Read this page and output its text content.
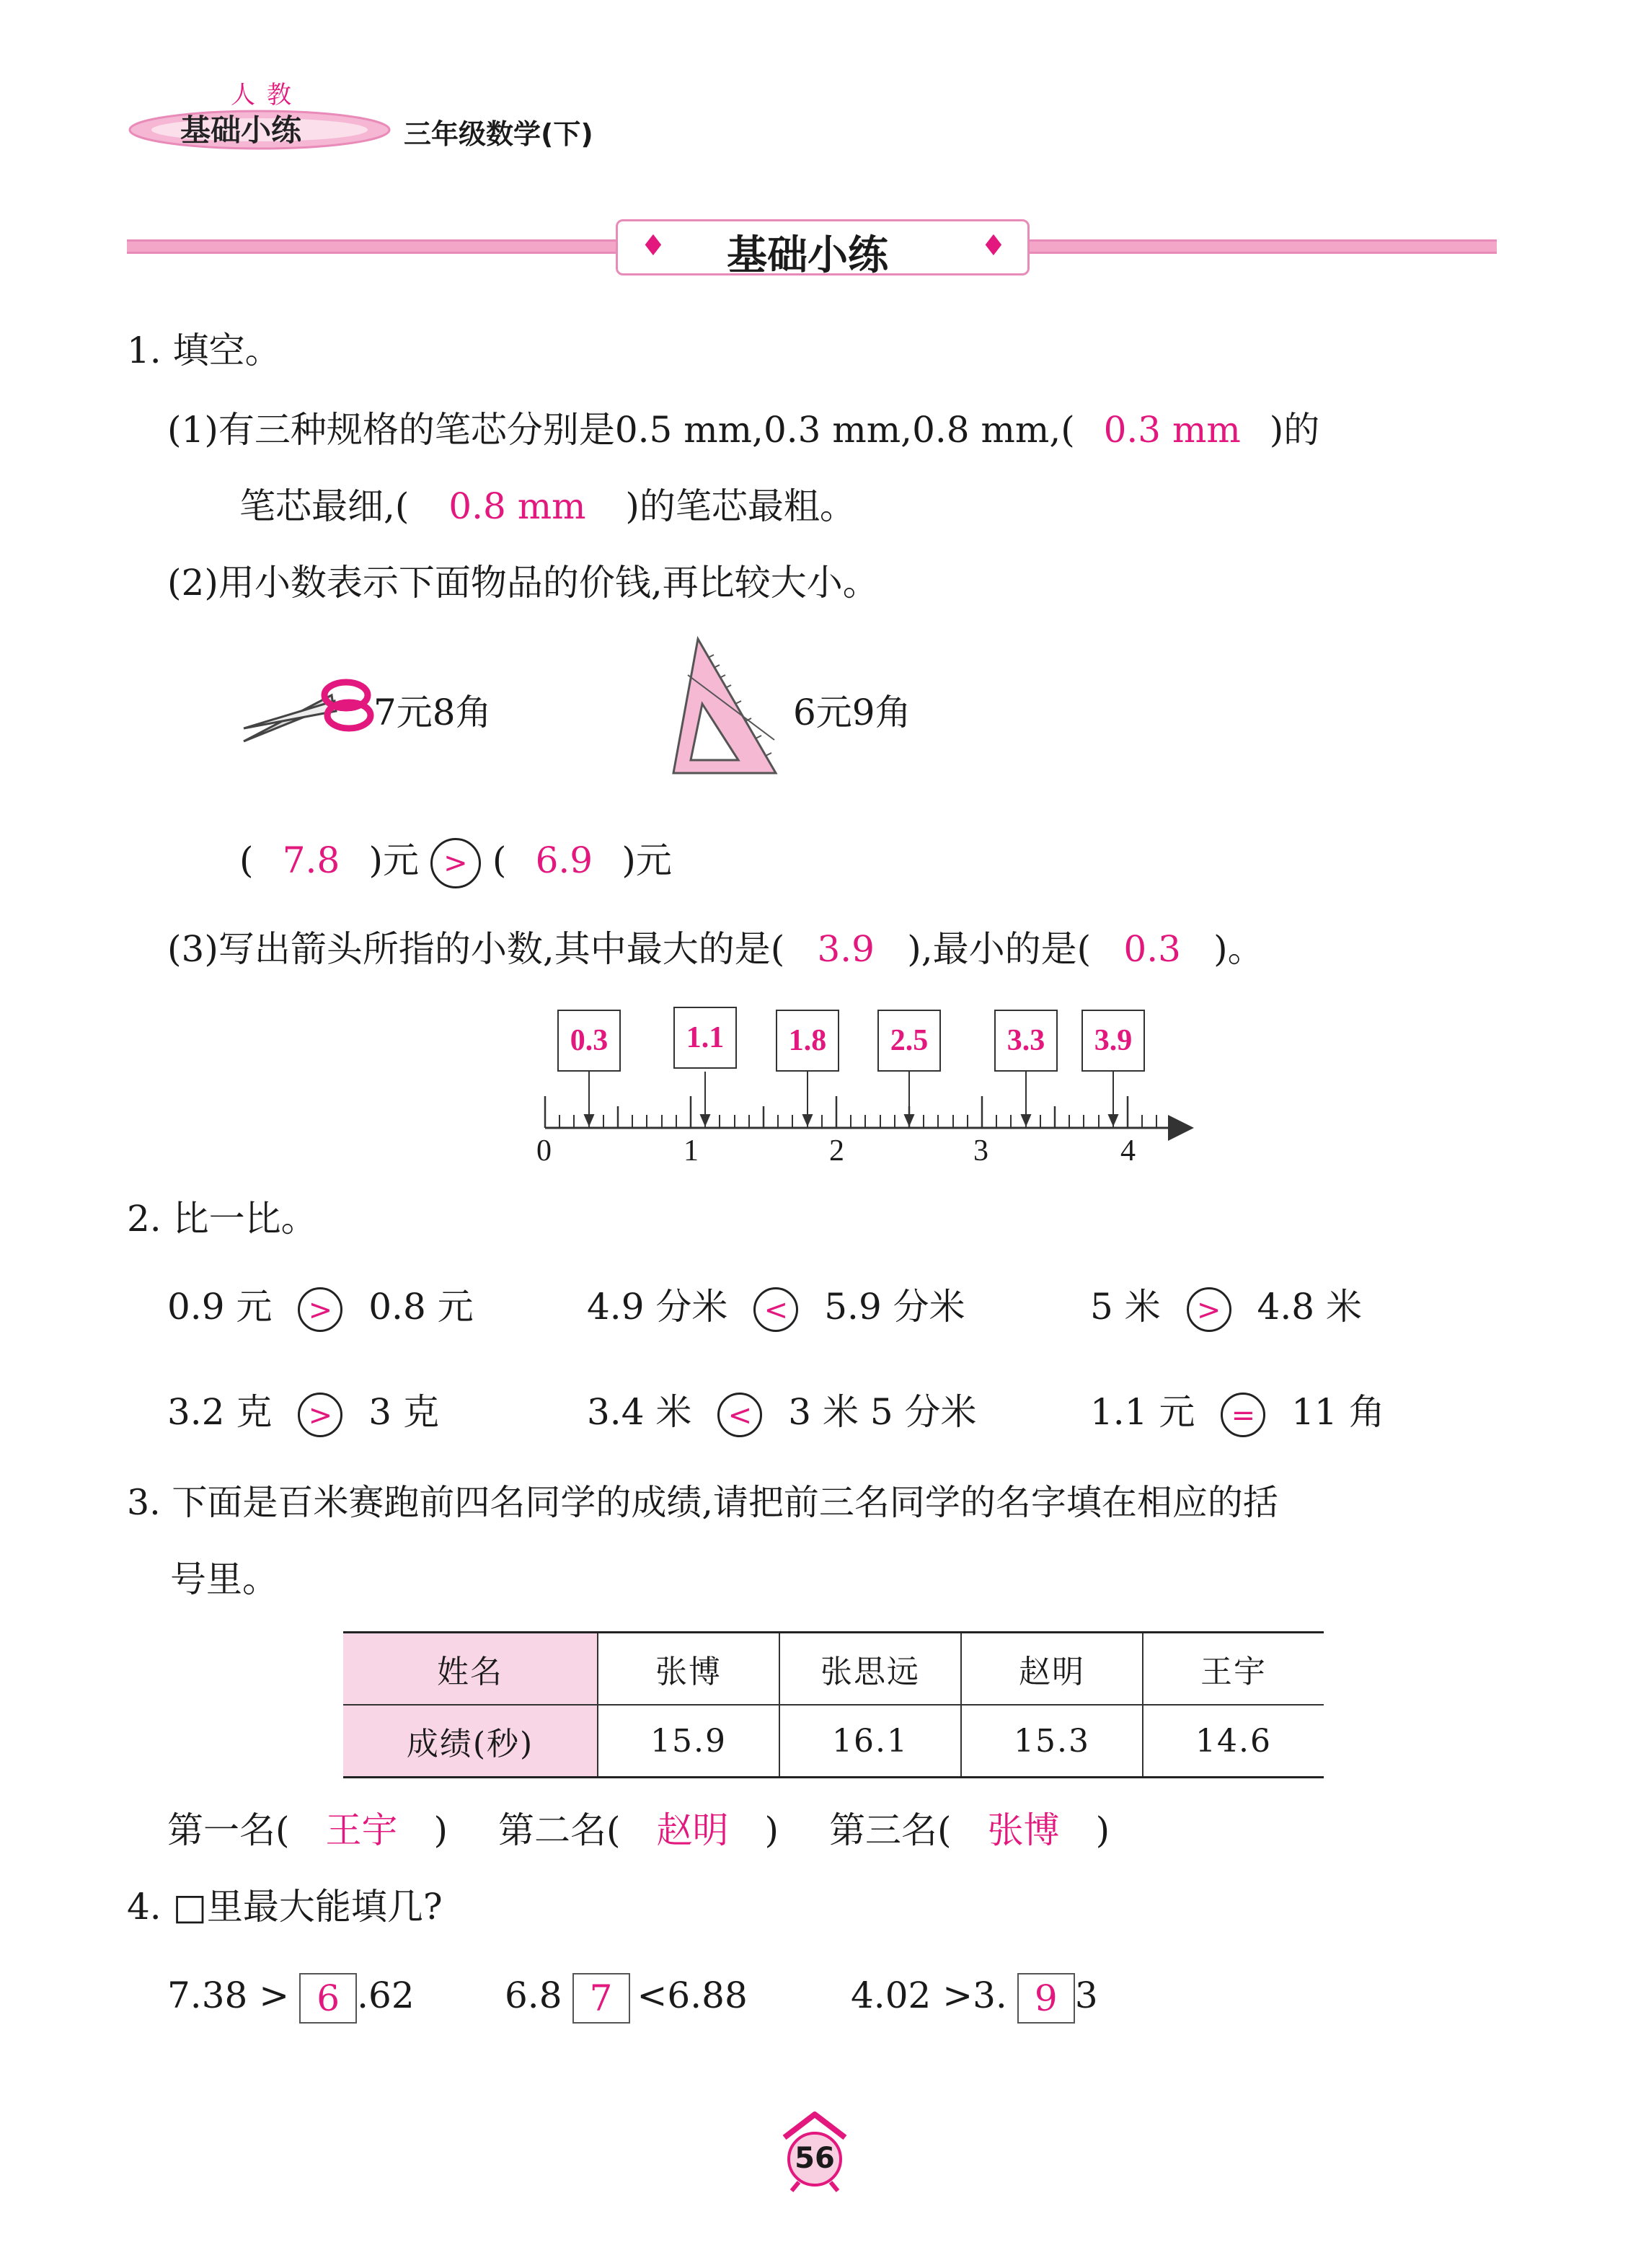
人教
基础小练	三年级数学(下)
♦	♦
基础小练
1. 填空。
(1)有三种规格的笔芯分别是0.5 mm,0.3 mm,0.8 mm,( 0.3 mm )的
笔芯最细,( 0.8 mm )的笔芯最粗。
(2)用小数表示下面物品的价钱,再比较大小。
7元8角	6元9角
( 7.8 )元 > ( 6.9 )元
(3)写出箭头所指的小数,其中最大的是( 3.9 ),最小的是( 0.3 )。
0.3	1.1	1.8	2.5	3.3	3.9
0	1	2	3	4
2. 比一比。
0.9 元 > 0.8 元	4.9 分米 < 5.9 分米	5 米 > 4.8 米
3.2 克 > 3 克	3.4 米 < 3 米 5 分米	1.1 元 = 11 角
3. 下面是百米赛跑前四名同学的成绩,请把前三名同学的名字填在相应的括
号里。
姓名	张博	张思远	赵明	王宇
成绩(秒)	15.9	16.1	15.3	14.6
第一名( 王宇 ) 第二名( 赵明 ) 第三名( 张博 )
4. □里最大能填几?
7.38 > 6 .62	6.8 7 <6.88	4.02 >3. 9 3
56
